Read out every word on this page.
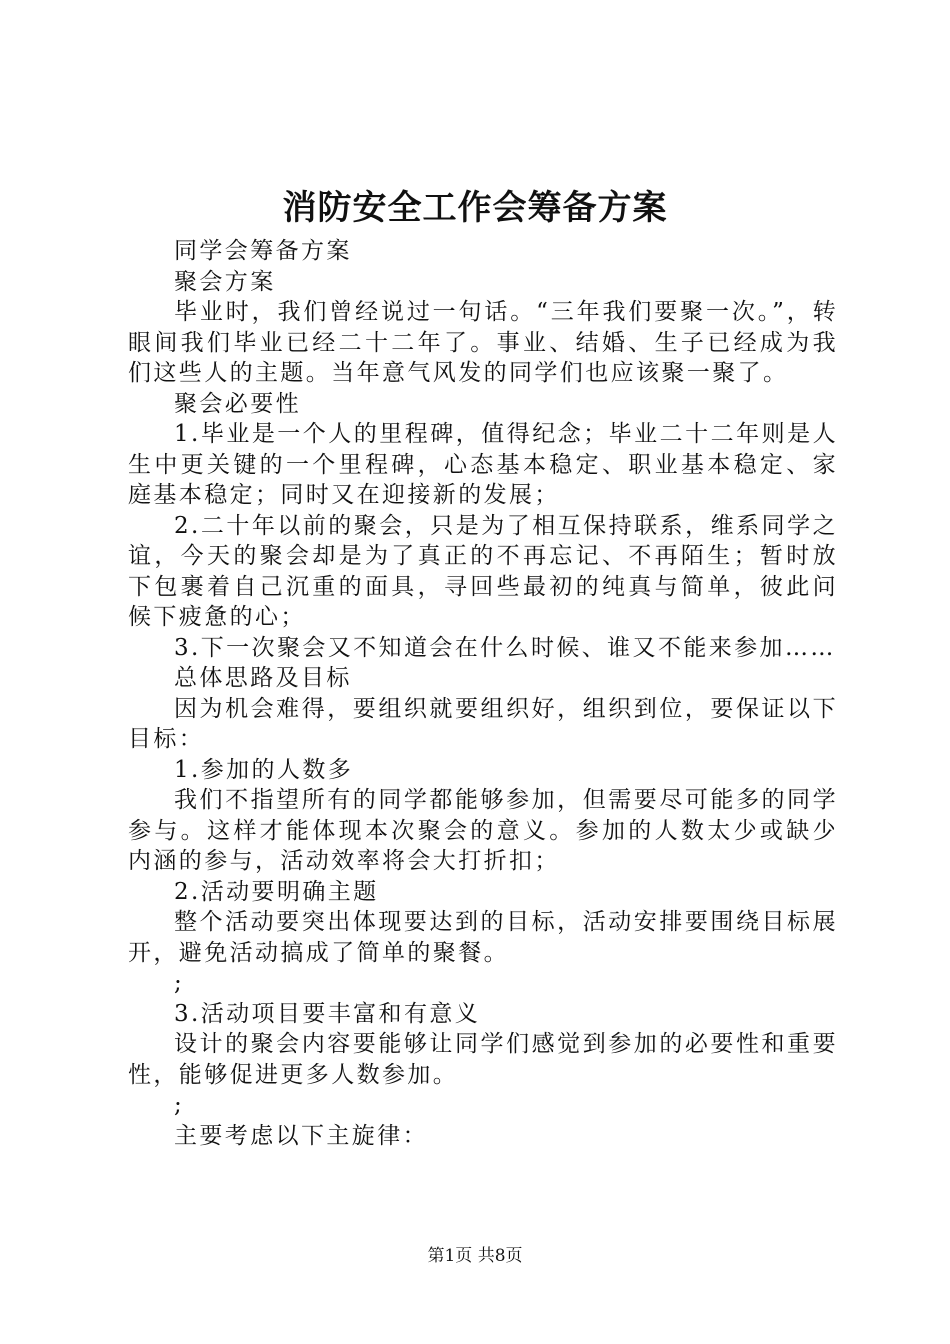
消防安全工作会筹备方案

同学会筹备方案

聚会方案

毕业时，我们曾经说过一句话。“三年我们要聚一次。”，转眼间我们毕业已经二十二年了。事业、结婚、生子已经成为我们这些人的主题。当年意气风发的同学们也应该聚一聚了。

聚会必要性

1.毕业是一个人的里程碑，值得纪念；毕业二十二年则是人生中更关键的一个里程碑，心态基本稳定、职业基本稳定、家庭基本稳定；同时又在迎接新的发展；

2.二十年以前的聚会，只是为了相互保持联系，维系同学之谊，今天的聚会却是为了真正的不再忘记、不再陌生；暂时放下包裹着自己沉重的面具，寻回些最初的纯真与简单，彼此问候下疲惫的心；

3.下一次聚会又不知道会在什么时候、谁又不能来参加……

总体思路及目标

因为机会难得，要组织就要组织好，组织到位，要保证以下目标：

1.参加的人数多

我们不指望所有的同学都能够参加，但需要尽可能多的同学参与。这样才能体现本次聚会的意义。参加的人数太少或缺少内涵的参与，活动效率将会大打折扣；

2.活动要明确主题

整个活动要突出体现要达到的目标，活动安排要围绕目标展开，避免活动搞成了简单的聚餐。

;

3.活动项目要丰富和有意义

设计的聚会内容要能够让同学们感觉到参加的必要性和重要性，能够促进更多人数参加。

;

主要考虑以下主旋律：

第1页 共8页
